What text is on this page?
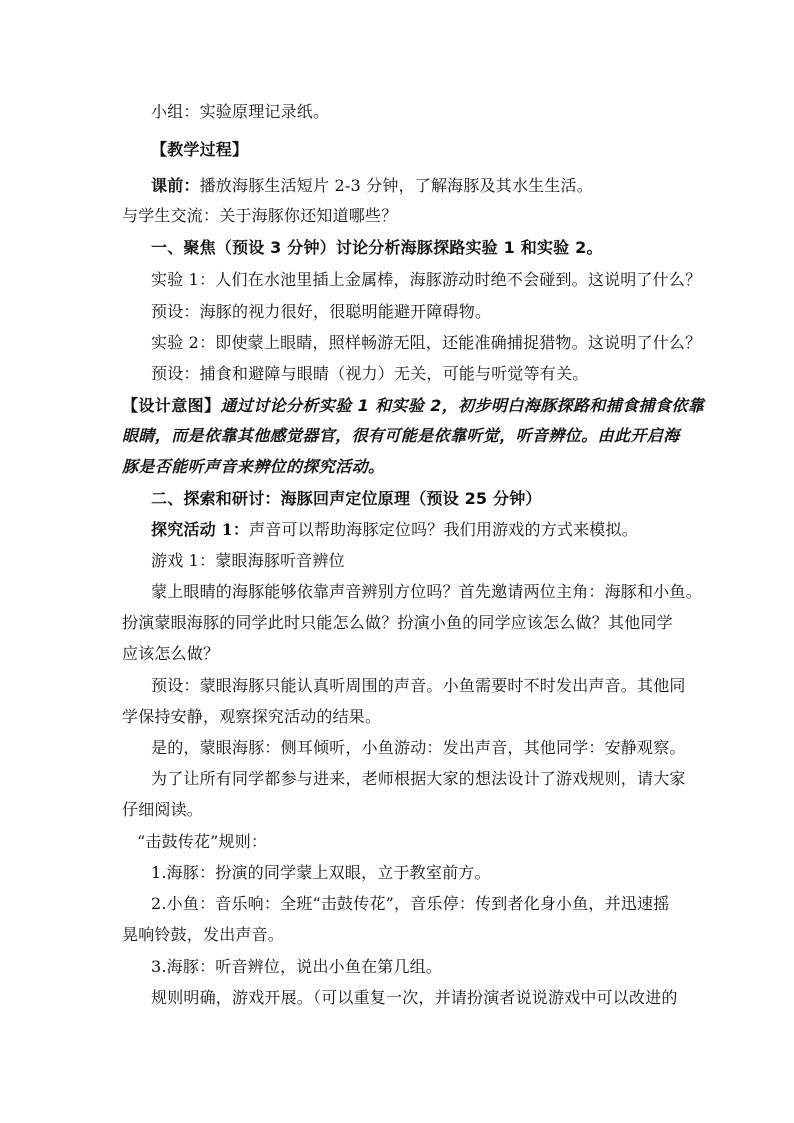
小组：实验原理记录纸。
【教学过程】
课前：播放海豚生活短片 2-3 分钟，了解海豚及其水生生活。
与学生交流：关于海豚你还知道哪些？
一、聚焦（预设 3 分钟）讨论分析海豚探路实验 1 和实验 2。
实验 1：人们在水池里插上金属棒，海豚游动时绝不会碰到。这说明了什么？
预设：海豚的视力很好，很聪明能避开障碍物。
实验 2：即使蒙上眼睛，照样畅游无阻，还能准确捕捉猎物。这说明了什么？
预设：捕食和避障与眼睛（视力）无关，可能与听觉等有关。
【设计意图】通过讨论分析实验 1 和实验 2，初步明白海豚探路和捕食捕食依靠
眼睛，而是依靠其他感觉器官，很有可能是依靠听觉，听音辨位。由此开启海
豚是否能听声音来辨位的探究活动。
二、探索和研讨：海豚回声定位原理（预设 25 分钟）
探究活动 1：声音可以帮助海豚定位吗？我们用游戏的方式来模拟。
游戏 1：蒙眼海豚听音辨位
蒙上眼睛的海豚能够依靠声音辨别方位吗？首先邀请两位主角：海豚和小鱼。
扮演蒙眼海豚的同学此时只能怎么做？扮演小鱼的同学应该怎么做？其他同学
应该怎么做？
预设：蒙眼海豚只能认真听周围的声音。小鱼需要时不时发出声音。其他同
学保持安静，观察探究活动的结果。
是的，蒙眼海豚：侧耳倾听，小鱼游动：发出声音，其他同学：安静观察。
为了让所有同学都参与进来，老师根据大家的想法设计了游戏规则，请大家
仔细阅读。
“击鼓传花”规则：
1.海豚：扮演的同学蒙上双眼，立于教室前方。
2.小鱼：音乐响：全班“击鼓传花”，音乐停：传到者化身小鱼，并迅速摇
晃响铃鼓，发出声音。
3.海豚：听音辨位，说出小鱼在第几组。
规则明确，游戏开展。（可以重复一次，并请扮演者说说游戏中可以改进的
